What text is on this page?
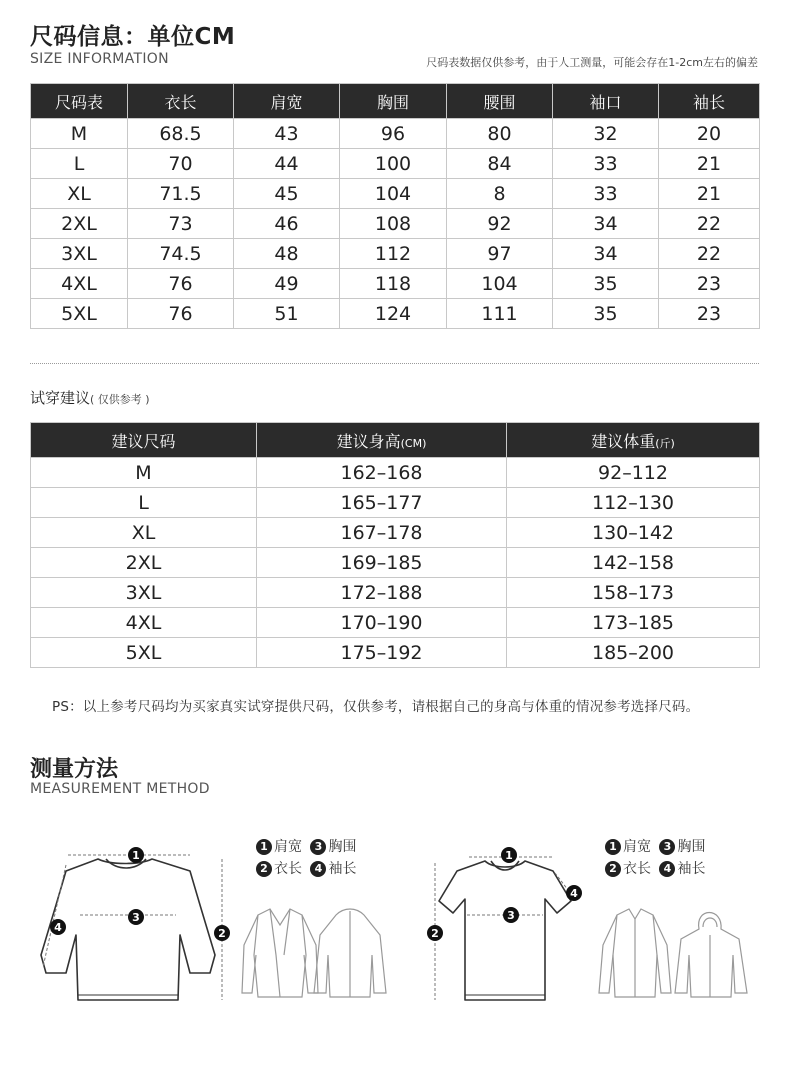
尺码信息：单位CM
SIZE INFORMATION	尺码表数据仅供参考，由于人工测量，可能会存在1-2cm左右的偏差
尺码表	衣长	肩宽	胸围	腰围	袖口	袖长
M	68.5	43	96	80	32	20
L	70	44	100	84	33	21
XL	71.5	45	104	8	33	21
2XL	73	46	108	92	34	22
3XL	74.5	48	112	97	34	22
4XL	76	49	118	104	35	23
5XL	76	51	124	111	35	23
试穿建议( 仅供参考 )
建议尺码	建议身高(CM)	建议体重(斤)
M	162–168	92–112
L	165–177	112–130
XL	167–178	130–142
2XL	169–185	142–158
3XL	172–188	158–173
4XL	170–190	173–185
5XL	175–192	185–200
PS：以上参考尺码均为买家真实试穿提供尺码，仅供参考，请根据自己的身高与体重的情况参考选择尺码。
测量方法
MEASUREMENT METHOD
1
3
2
4
1 肩宽 3 胸围
2 衣长 4 袖长
1
3
2
4
1 肩宽 3 胸围
2 衣长 4 袖长
